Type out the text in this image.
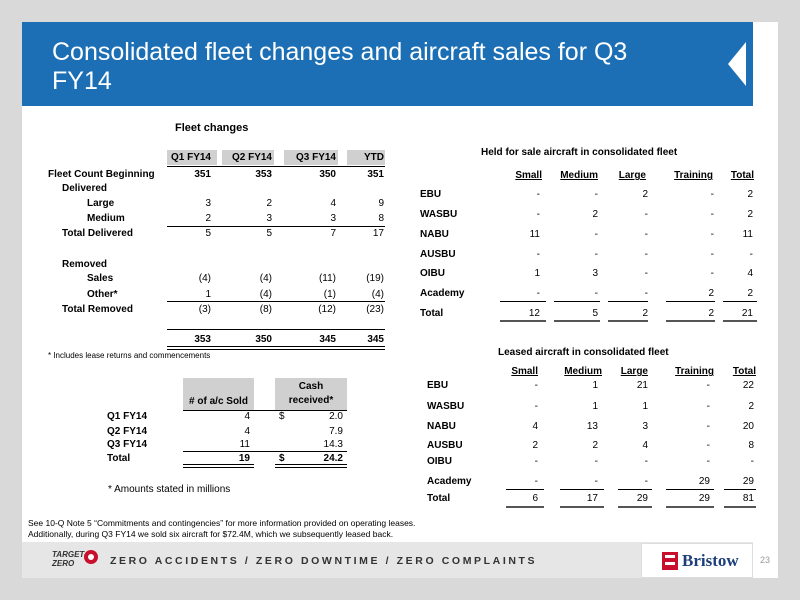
Consolidated fleet changes and aircraft sales for Q3 FY14
Fleet changes
Q1 FY14	Q2 FY14	Q3 FY14	YTD
Fleet Count Beginning	351	353	350	351
Delivered
Large	3	2	4	9
Medium	2	3	3	8
Total Delivered	5	5	7	17
Removed
Sales	(4)	(4)	(11)	(19)
Other*	1	(4)	(1)	(4)
Total Removed	(3)	(8)	(12)	(23)
353	350	345	345
* Includes lease returns and commencements
# of a/c Sold
Cash
received*
Q1 FY14	4	$	2.0
Q2 FY14	4	7.9
Q3 FY14	11	14.3
Total	19	$	24.2
* Amounts stated in millions
Held for sale aircraft in consolidated fleet
Small	Medium	Large	Training	Total
EBU	-	-	2	-	2
WASBU	-	2	-	-	2
NABU	11	-	-	-	11
AUSBU	-	-	-	-	-
OIBU	1	3	-	-	4
Academy	-	-	-	2	2
Total	12	5	2	2	21
Leased aircraft in consolidated fleet
Small	Medium	Large	Training	Total
EBU	-	1	21	-	22
WASBU	-	1	1	-	2
NABU	4	13	3	-	20
AUSBU	2	2	4	-	8
OIBU	-	-	-	-	-
Academy	-	-	-	29	29
Total	6	17	29	29	81
See 10-Q Note 5 “Commitments and contingencies” for more information provided on operating leases.
Additionally, during Q3 FY14 we sold six aircraft for $72.4M, which we subsequently leased back.
TARGET
ZERO	ZERO ACCIDENTS / ZERO DOWNTIME / ZERO COMPLAINTS	Bristow 23
